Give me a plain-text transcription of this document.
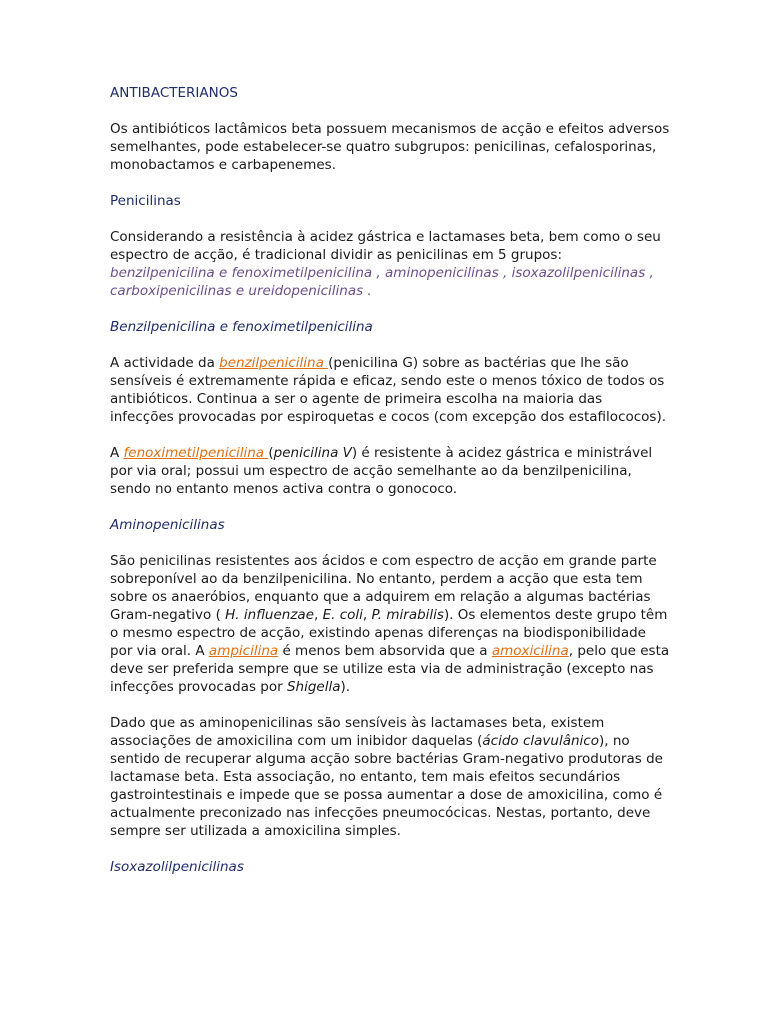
ANTIBACTERIANOS

Os antibióticos lactâmicos beta possuem mecanismos de acção e efeitos adversos semelhantes, pode estabelecer-se quatro subgrupos: penicilinas, cefalosporinas, monobactamos e carbapenemes.

Penicilinas

Considerando a resistência à acidez gástrica e lactamases beta, bem como o seu espectro de acção, é tradicional dividir as penicilinas em 5 grupos: benzilpenicilina e fenoximetilpenicilina , aminopenicilinas , isoxazolilpenicilinas , carboxipenicilinas e ureidopenicilinas .

Benzilpenicilina e fenoximetilpenicilina

A actividade da benzilpenicilina (penicilina G) sobre as bactérias que lhe são sensíveis é extremamente rápida e eficaz, sendo este o menos tóxico de todos os antibióticos. Continua a ser o agente de primeira escolha na maioria das infecções provocadas por espiroquetas e cocos (com excepção dos estafilococos).

A fenoximetilpenicilina (penicilina V) é resistente à acidez gástrica e ministrável por via oral; possui um espectro de acção semelhante ao da benzilpenicilina, sendo no entanto menos activa contra o gonococo.

Aminopenicilinas

São penicilinas resistentes aos ácidos e com espectro de acção em grande parte sobreponível ao da benzilpenicilina. No entanto, perdem a acção que esta tem sobre os anaeróbios, enquanto que a adquirem em relação a algumas bactérias Gram-negativo ( H. influenzae, E. coli, P. mirabilis). Os elementos deste grupo têm o mesmo espectro de acção, existindo apenas diferenças na biodisponibilidade por via oral. A ampicilina é menos bem absorvida que a amoxicilina, pelo que esta deve ser preferida sempre que se utilize esta via de administração (excepto nas infecções provocadas por Shigella).

Dado que as aminopenicilinas são sensíveis às lactamases beta, existem associações de amoxicilina com um inibidor daquelas (ácido clavulânico), no sentido de recuperar alguma acção sobre bactérias Gram-negativo produtoras de lactamase beta. Esta associação, no entanto, tem mais efeitos secundários gastrointestinais e impede que se possa aumentar a dose de amoxicilina, como é actualmente preconizado nas infecções pneumocócicas. Nestas, portanto, deve sempre ser utilizada a amoxicilina simples.

Isoxazolilpenicilinas
